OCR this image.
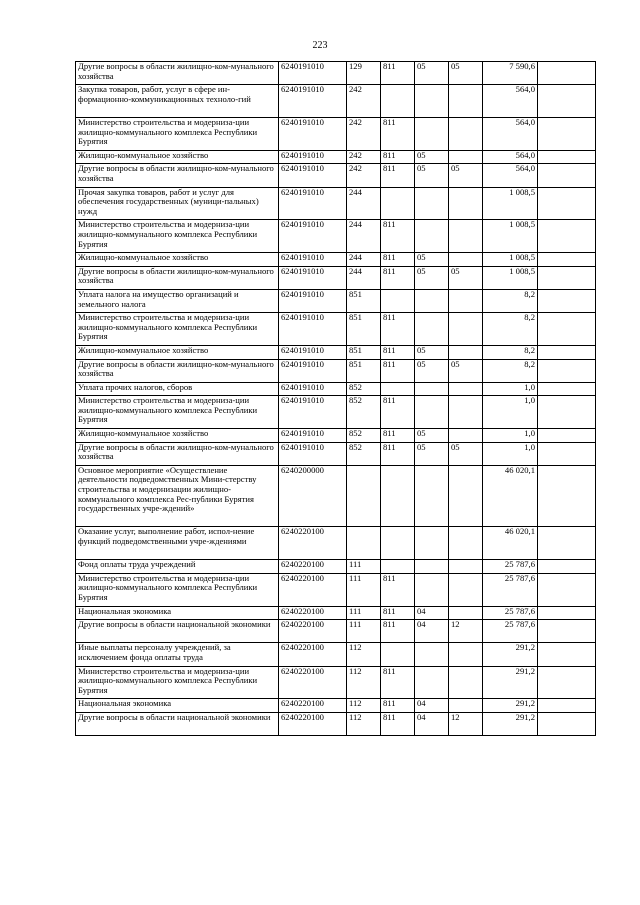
223
Другие вопросы в области жилищно-ком-мунального хозяйства	6240191010	129	811	05	05	7 590,6	
Закупка товаров, работ, услуг в сфере ин-формационно-коммуникационных техноло-гий	6240191010	242				564,0	
Министерство строительства и модерниза-ции жилищно-коммунального комплекса Республики Бурятия	6240191010	242	811			564,0	
Жилищно-коммунальное хозяйство	6240191010	242	811	05		564,0	
Другие вопросы в области жилищно-ком-мунального хозяйства	6240191010	242	811	05	05	564,0	
Прочая закупка товаров, работ и услуг для обеспечения государственных (муници-пальных) нужд	6240191010	244				1 008,5	
Министерство строительства и модерниза-ции жилищно-коммунального комплекса Республики Бурятия	6240191010	244	811			1 008,5	
Жилищно-коммунальное хозяйство	6240191010	244	811	05		1 008,5	
Другие вопросы в области жилищно-ком-мунального хозяйства	6240191010	244	811	05	05	1 008,5	
Уплата налога на имущество организаций и земельного налога	6240191010	851				8,2	
Министерство строительства и модерниза-ции жилищно-коммунального комплекса Республики Бурятия	6240191010	851	811			8,2	
Жилищно-коммунальное хозяйство	6240191010	851	811	05		8,2	
Другие вопросы в области жилищно-ком-мунального хозяйства	6240191010	851	811	05	05	8,2	
Уплата прочих налогов, сборов	6240191010	852				1,0	
Министерство строительства и модерниза-ции жилищно-коммунального комплекса Республики Бурятия	6240191010	852	811			1,0	
Жилищно-коммунальное хозяйство	6240191010	852	811	05		1,0	
Другие вопросы в области жилищно-ком-мунального хозяйства	6240191010	852	811	05	05	1,0	
Основное мероприятие «Осуществление деятельности подведомственных Мини-стерству строительства и модернизации жилищно-коммунального комплекса Рес-публики Бурятия государственных учре-ждений»	6240200000					46 020,1	
Оказание услуг, выполнение работ, испол-нение функций подведомственными учре-ждениями	6240220100					46 020,1	
Фонд оплаты труда учреждений	6240220100	111				25 787,6	
Министерство строительства и модерниза-ции жилищно-коммунального комплекса Республики Бурятия	6240220100	111	811			25 787,6	
Национальная экономика	6240220100	111	811	04		25 787,6	
Другие вопросы в области национальной экономики	6240220100	111	811	04	12	25 787,6	
Иные выплаты персоналу учреждений, за исключением фонда оплаты труда	6240220100	112				291,2	
Министерство строительства и модерниза-ции жилищно-коммунального комплекса Республики Бурятия	6240220100	112	811			291,2	
Национальная экономика	6240220100	112	811	04		291,2	
Другие вопросы в области национальной экономики	6240220100	112	811	04	12	291,2	
